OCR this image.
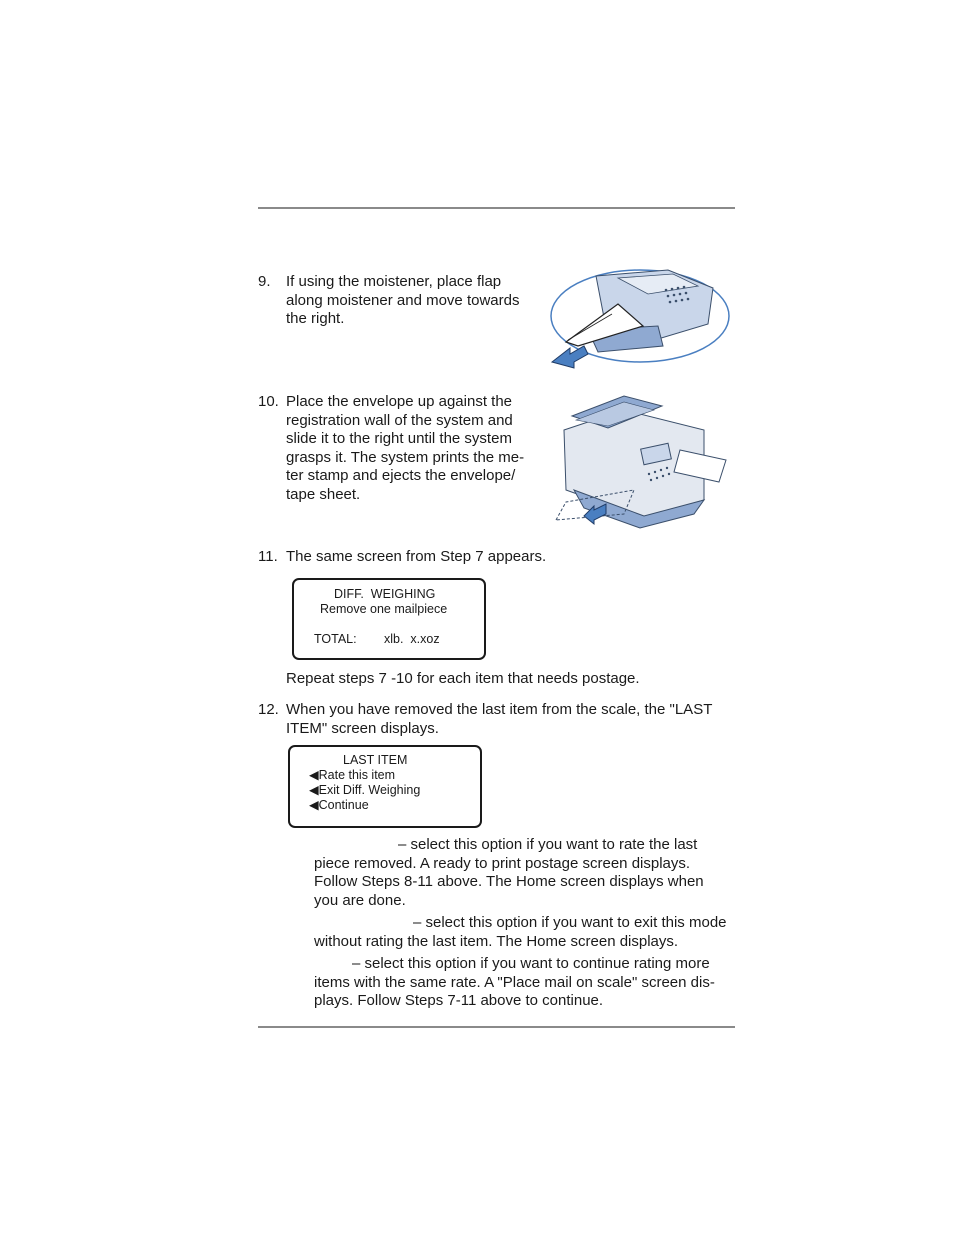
9. If using the moistener, place flap

along moistener and move towards

the right.

10. Place the envelope up against the

registration wall of the system and

slide it to the right until the system

grasps it. The system prints the me-

ter stamp and ejects the envelope/

tape sheet.

11. The same screen from Step 7 appears.
DIFF.  WEIGHING
Remove one mailpiece
TOTAL: xlb.  x.xoz
Repeat steps 7 -10 for each item that needs postage.
12. When you have removed the last item from the scale, the "LAST

ITEM" screen displays.

LAST ITEM
◀Rate this item
◀Exit Diff. Weighing
◀Continue

– select this option if you want to rate the last

piece removed. A ready to print postage screen displays.

Follow Steps 8-11 above. The Home screen displays when

you are done.

– select this option if you want to exit this mode

without rating the last item. The Home screen displays.

– select this option if you want to continue rating more

items with the same rate. A "Place mail on scale" screen dis-

plays. Follow Steps 7-11 above to continue.
